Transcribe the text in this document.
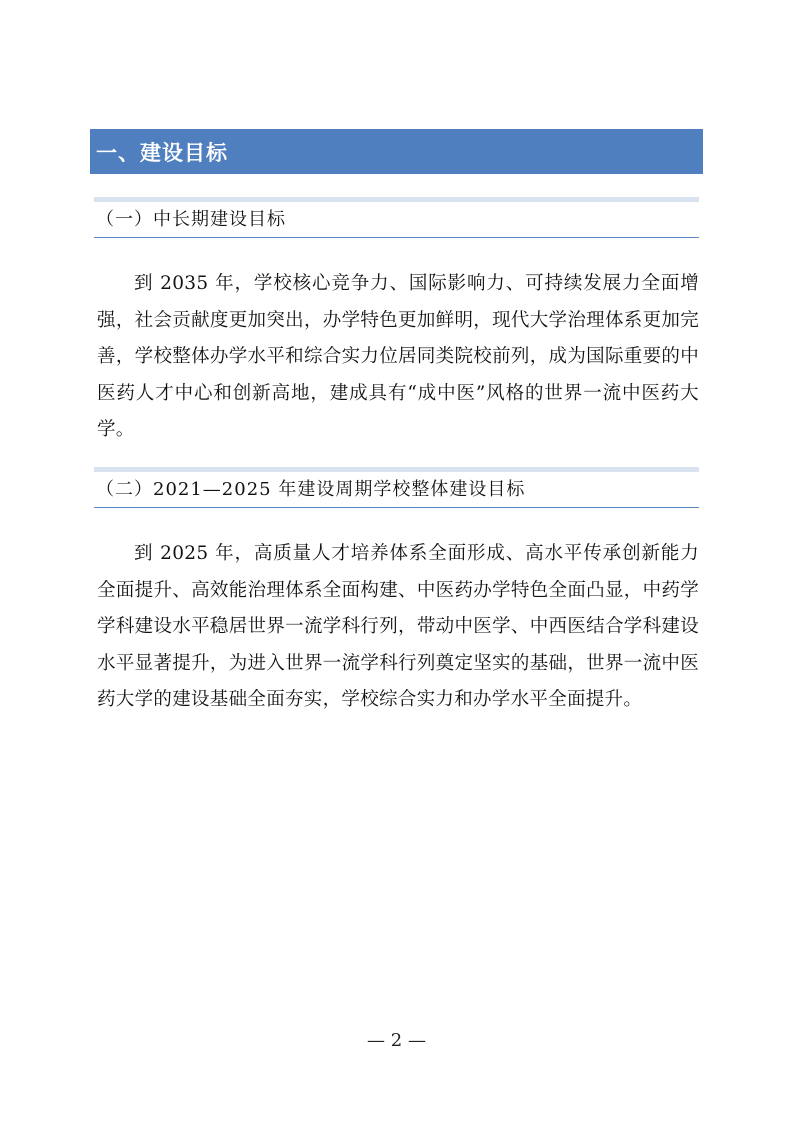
一、建设目标
（一）中长期建设目标

到 2035 年，学校核心竞争力、国际影响力、可持续发展力全面增强，社会贡献度更加突出，办学特色更加鲜明，现代大学治理体系更加完善，学校整体办学水平和综合实力位居同类院校前列，成为国际重要的中医药人才中心和创新高地，建成具有“成中医”风格的世界一流中医药大学。

（二）2021—2025 年建设周期学校整体建设目标

到 2025 年，高质量人才培养体系全面形成、高水平传承创新能力全面提升、高效能治理体系全面构建、中医药办学特色全面凸显，中药学学科建设水平稳居世界一流学科行列，带动中医学、中西医结合学科建设水平显著提升，为进入世界一流学科行列奠定坚实的基础，世界一流中医药大学的建设基础全面夯实，学校综合实力和办学水平全面提升。

— 2 —
